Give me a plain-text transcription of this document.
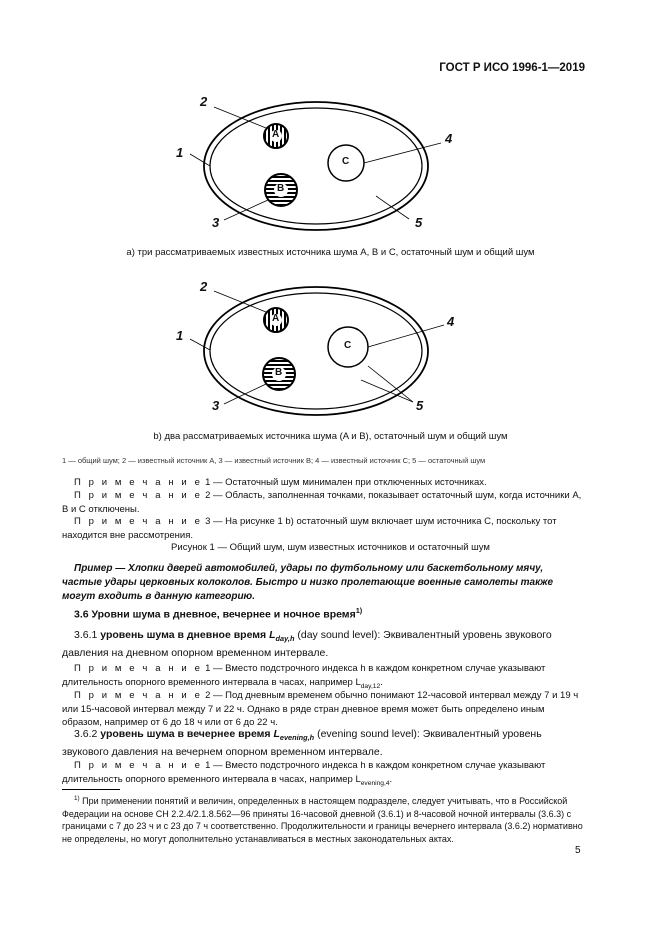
ГОСТ Р ИСО 1996-1—2019
2
4
1
3	5
A
B
C
а) три рассматриваемых известных источника шума A, B и C, остаточный шум и общий шум
2
4
1
3	5
A
B
C
b) два рассматриваемых источника шума (A и B), остаточный шум и общий шум
1 — общий шум; 2 — известный источник A, 3 — известный источник B; 4 — известный источник C; 5 — остаточный шум
П р и м е ч а н и е 1 — Остаточный шум минимален при отключенных источниках.
П р и м е ч а н и е 2 — Область, заполненная точками, показывает остаточный шум, когда источники A, B и C отключены.
П р и м е ч а н и е 3 — На рисунке 1 b) остаточный шум включает шум источника C, поскольку тот находится вне рассмотрения.
Рисунок 1 — Общий шум, шум известных источников и остаточный шум
Пример — Хлопки дверей автомобилей, удары по футбольному или баскетбольному мячу, частые удары церковных колоколов. Быстро и низко пролетающие военные самолеты также могут входить в данную категорию.
3.6 Уровни шума в дневное, вечернее и ночное время$^{1)}$
3.6.1 уровень шума в дневное время $L_{day,h}$ (day sound level): Эквивалентный уровень звукового давления на дневном опорном временном интервале.
П р и м е ч а н и е 1 — Вместо подстрочного индекса h в каждом конкретном случае указывают длительность опорного временного интервала в часах, например $L_{day,12}$.
П р и м е ч а н и е 2 — Под дневным временем обычно понимают 12-часовой интервал между 7 и 19 ч или 15-часовой интервал между 7 и 22 ч. Однако в ряде стран дневное время может быть определено иным образом, например от 6 до 18 ч или от 6 до 22 ч.
3.6.2 уровень шума в вечернее время $L_{evening,h}$ (evening sound level): Эквивалентный уровень звукового давления на вечернем опорном временном интервале.
П р и м е ч а н и е 1 — Вместо подстрочного индекса h в каждом конкретном случае указывают длительность опорного временного интервала в часах, например $L_{evening,4}$.
$^{1)}$ При применении понятий и величин, определенных в настоящем подразделе, следует учитывать, что в Российской Федерации на основе СН 2.2.4/2.1.8.562—96 приняты 16-часовой дневной (3.6.1) и 8-часовой ночной интервалы (3.6.3) с границами с 7 до 23 ч и с 23 до 7 ч соответственно. Продолжительности и границы вечернего интервала (3.6.2) нормативно не определены, но могут дополнительно устанавливаться в местных законодательных актах.
5
